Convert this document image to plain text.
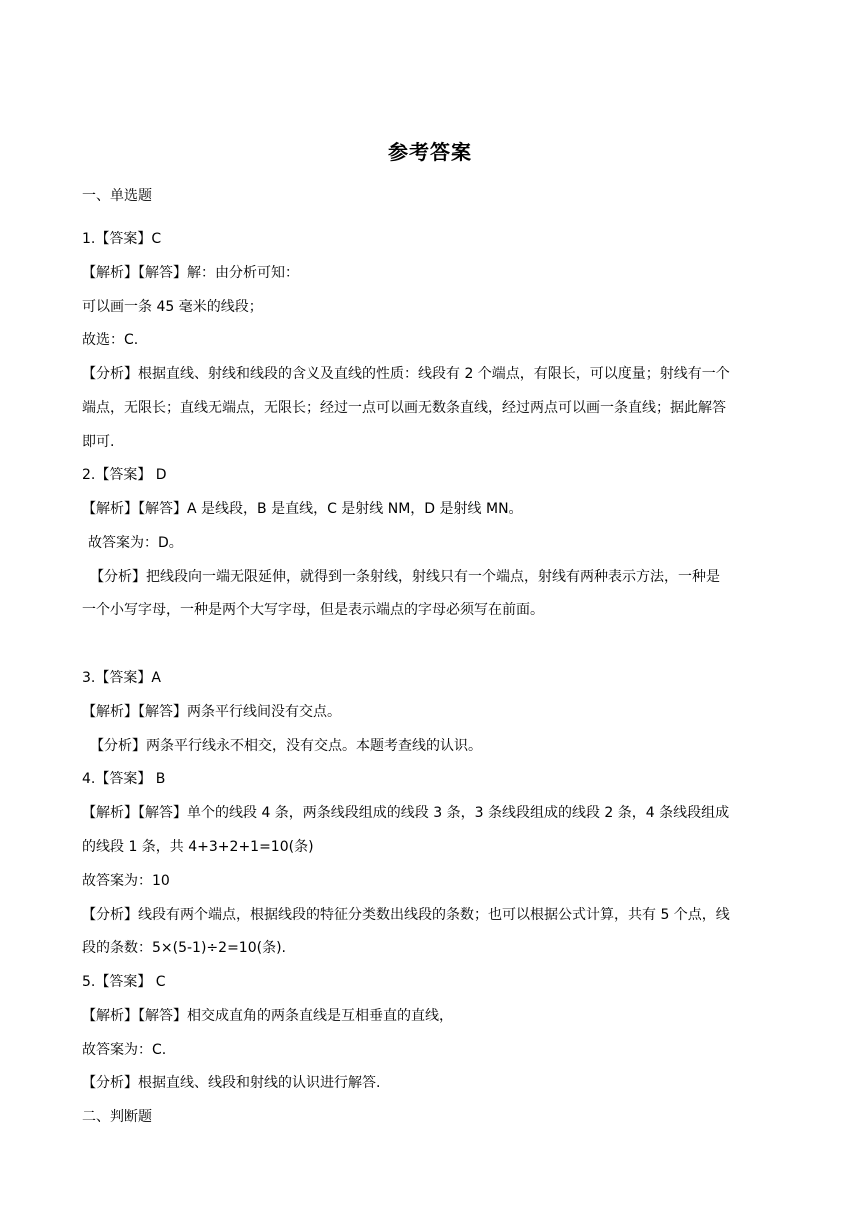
参考答案
一、单选题
1.【答案】C
【解析】【解答】解：由分析可知：
可以画一条 45 毫米的线段；
故选：C.
【分析】根据直线、射线和线段的含义及直线的性质：线段有 2 个端点，有限长，可以度量；射线有一个
端点，无限长；直线无端点，无限长；经过一点可以画无数条直线，经过两点可以画一条直线；据此解答
即可.
2.【答案】 D
【解析】【解答】A 是线段，B 是直线，C 是射线 NM，D 是射线 MN。
故答案为：D。
【分析】把线段向一端无限延伸，就得到一条射线，射线只有一个端点，射线有两种表示方法，一种是
一个小写字母，一种是两个大写字母，但是表示端点的字母必须写在前面。
3.【答案】A
【解析】【解答】两条平行线间没有交点。
【分析】两条平行线永不相交，没有交点。本题考查线的认识。
4.【答案】 B
【解析】【解答】单个的线段 4 条，两条线段组成的线段 3 条，3 条线段组成的线段 2 条，4 条线段组成
的线段 1 条，共 4+3+2+1=10(条)
故答案为：10
【分析】线段有两个端点，根据线段的特征分类数出线段的条数；也可以根据公式计算，共有 5 个点，线
段的条数：5×(5-1)÷2=10(条).
5.【答案】 C
【解析】【解答】相交成直角的两条直线是互相垂直的直线，
故答案为：C.
【分析】根据直线、线段和射线的认识进行解答.
二、判断题
